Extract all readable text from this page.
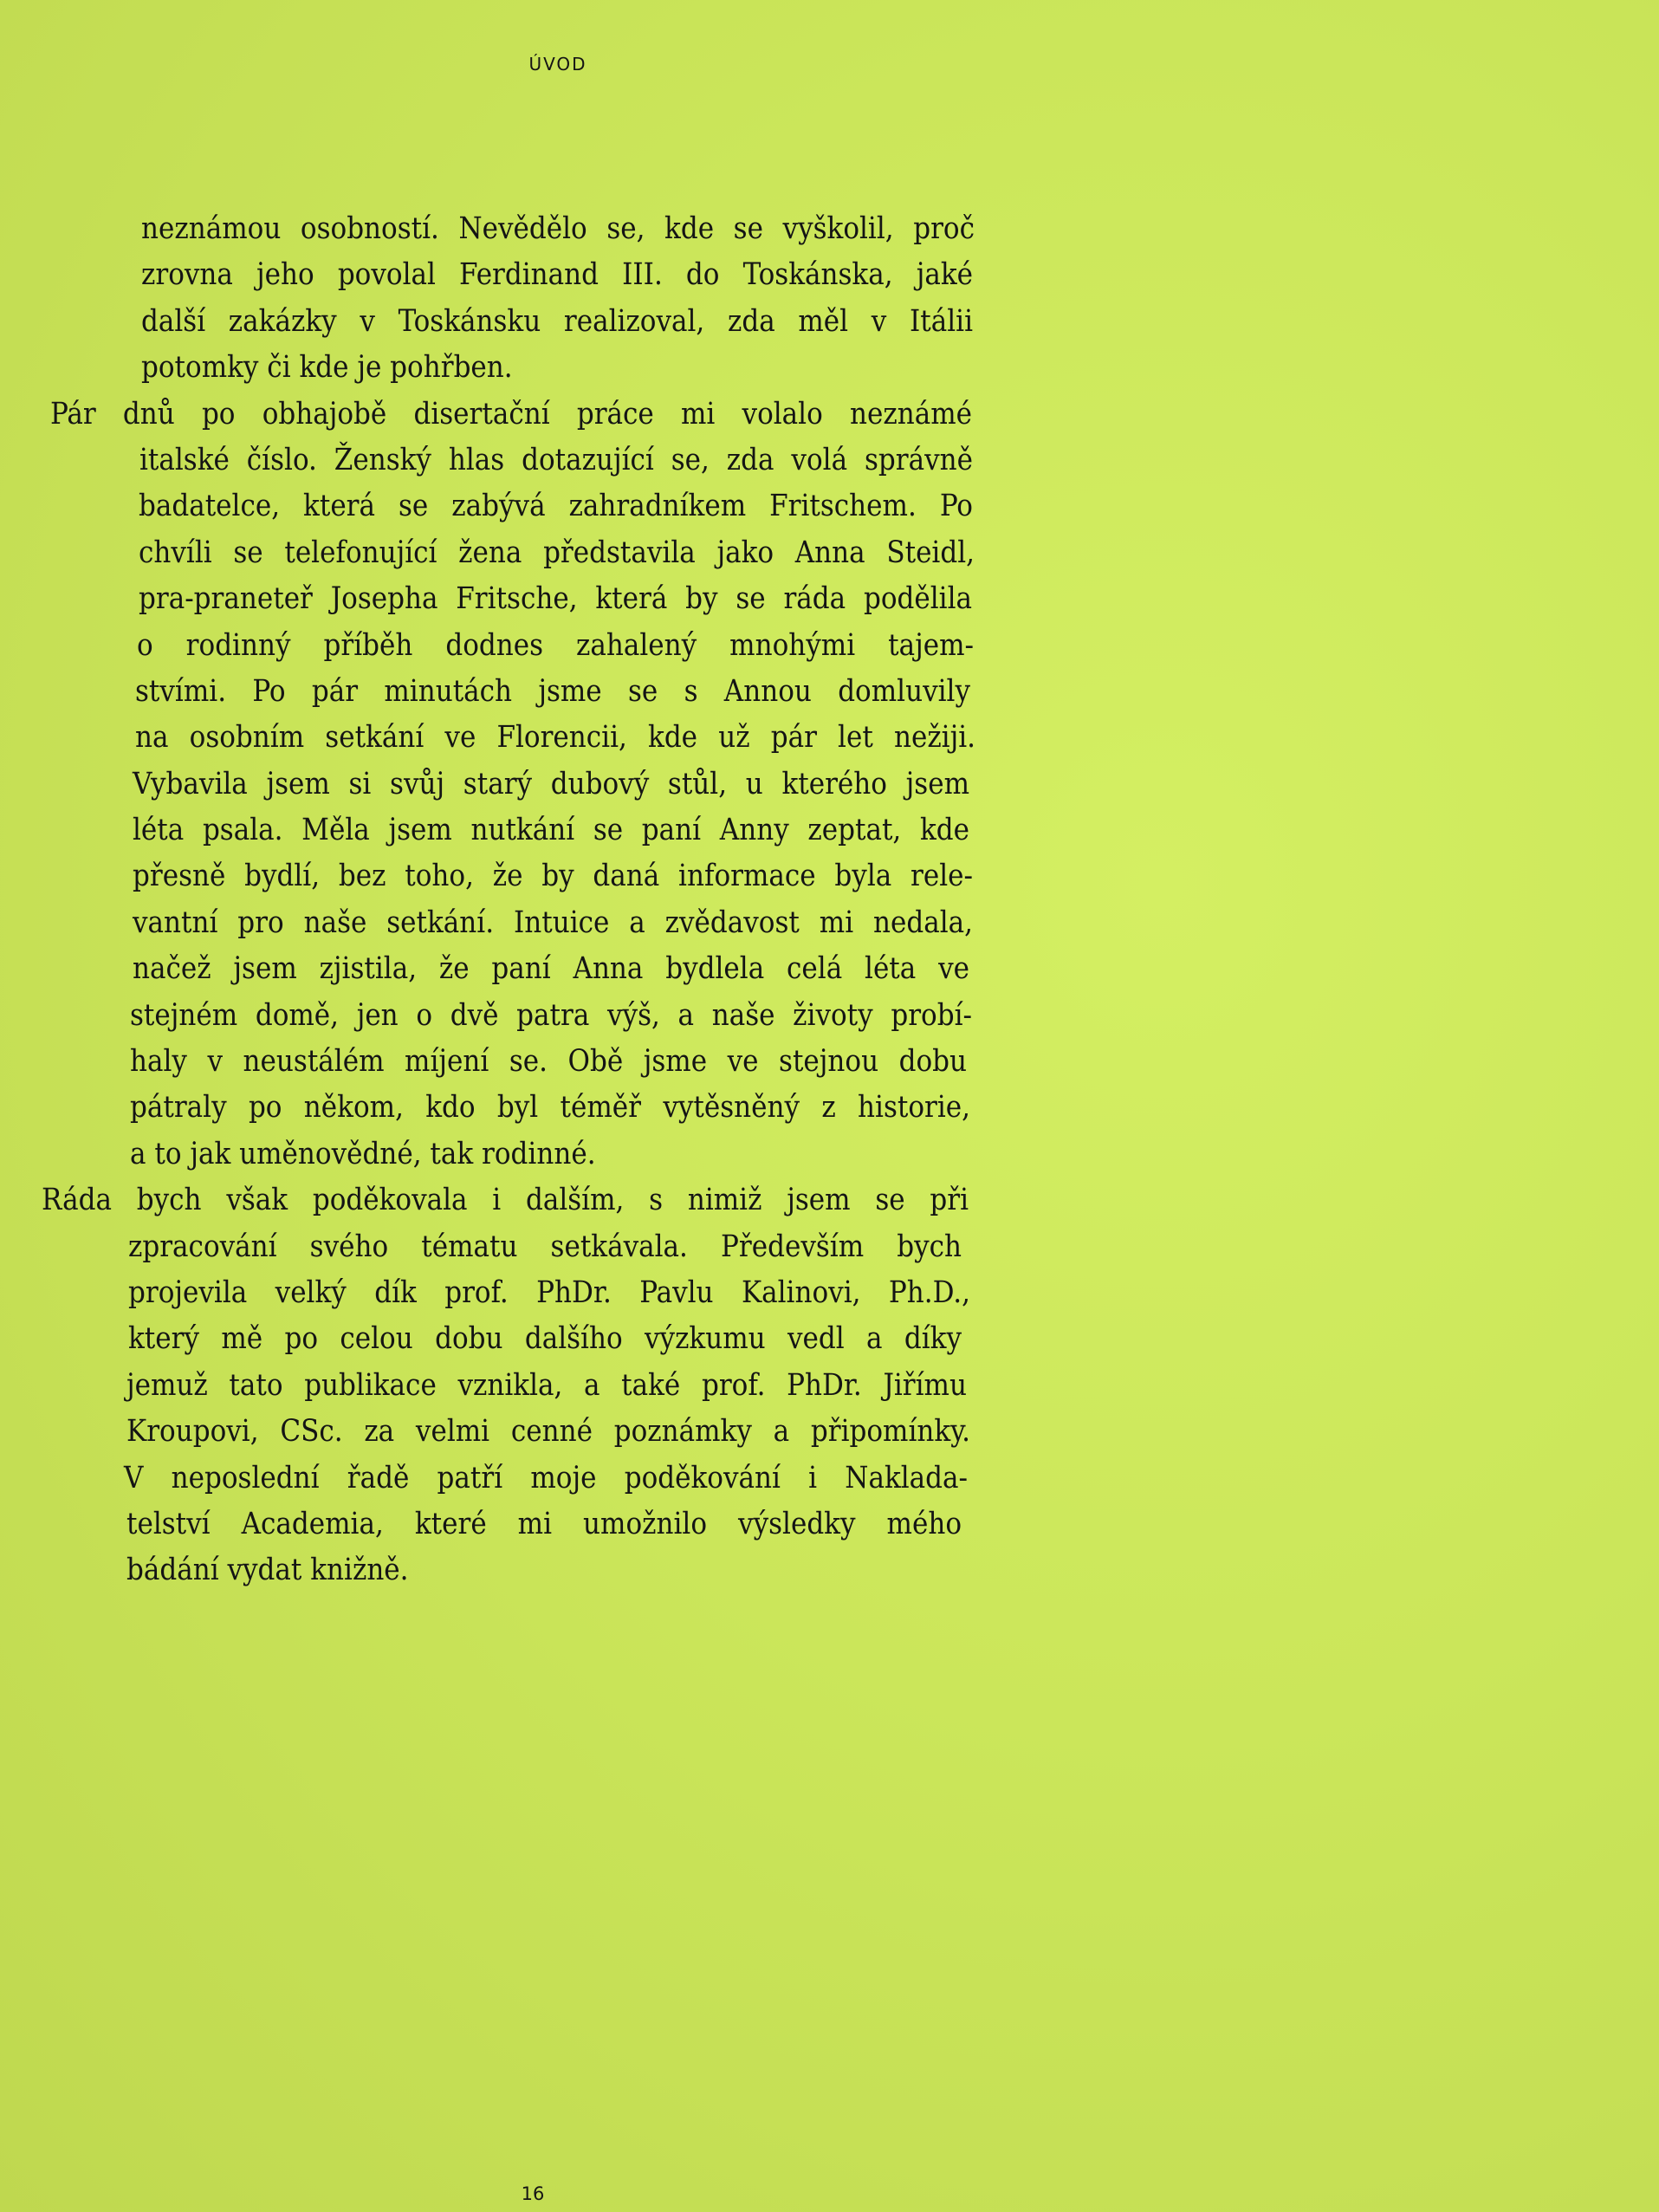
ÚVOD
neznámou osobností. Nevědělo se, kde se vyškolil, proč
zrovna jeho povolal Ferdinand III. do Toskánska, jaké
další zakázky v Toskánsku realizoval, zda měl v Itálii
potomky či kde je pohřben.
Pár dnů po obhajobě disertační práce mi volalo neznámé
italské číslo. Ženský hlas dotazující se, zda volá správně
badatelce, která se zabývá zahradníkem Fritschem. Po
chvíli se telefonující žena představila jako Anna Steidl,
pra-praneteř Josepha Fritsche, která by se ráda podělila
o rodinný příběh dodnes zahalený mnohými tajem-
stvími. Po pár minutách jsme se s Annou domluvily
na osobním setkání ve Florencii, kde už pár let nežiji.
Vybavila jsem si svůj starý dubový stůl, u kterého jsem
léta psala. Měla jsem nutkání se paní Anny zeptat, kde
přesně bydlí, bez toho, že by daná informace byla rele-
vantní pro naše setkání. Intuice a zvědavost mi nedala,
načež jsem zjistila, že paní Anna bydlela celá léta ve
stejném domě, jen o dvě patra výš, a naše životy probí-
haly v neustálém míjení se. Obě jsme ve stejnou dobu
pátraly po někom, kdo byl téměř vytěsněný z historie,
a to jak uměnovědné, tak rodinné.
Ráda bych však poděkovala i dalším, s nimiž jsem se při
zpracování svého tématu setkávala. Především bych
projevila velký dík prof. PhDr. Pavlu Kalinovi, Ph.D.,
který mě po celou dobu dalšího výzkumu vedl a díky
jemuž tato publikace vznikla, a také prof. PhDr. Jiřímu
Kroupovi, CSc. za velmi cenné poznámky a připomínky.
V neposlední řadě patří moje poděkování i Naklada-
telství Academia, které mi umožnilo výsledky mého
bádání vydat knižně.
16
